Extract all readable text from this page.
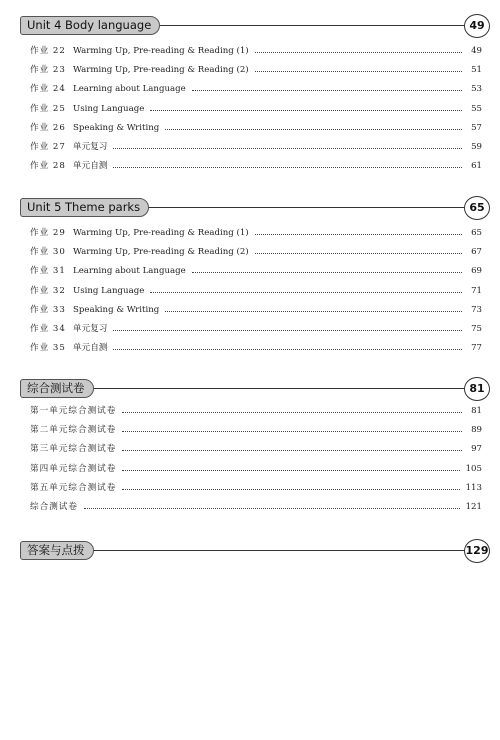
Unit 4 Body language	49
作业 22 Warming Up, Pre-reading & Reading (1)	49
作业 23 Warming Up, Pre-reading & Reading (2)	51
作业 24 Learning about Language	53
作业 25 Using Language	55
作业 26 Speaking & Writing	57
作业 27 单元复习	59
作业 28 单元自测	61
Unit 5 Theme parks	65
作业 29 Warming Up, Pre-reading & Reading (1)	65
作业 30 Warming Up, Pre-reading & Reading (2)	67
作业 31 Learning about Language	69
作业 32 Using Language	71
作业 33 Speaking & Writing	73
作业 34 单元复习	75
作业 35 单元自测	77
综合测试卷	81
第一单元综合测试卷	81
第二单元综合测试卷	89
第三单元综合测试卷	97
第四单元综合测试卷	105
第五单元综合测试卷	113
综合测试卷	121
答案与点拨	129
